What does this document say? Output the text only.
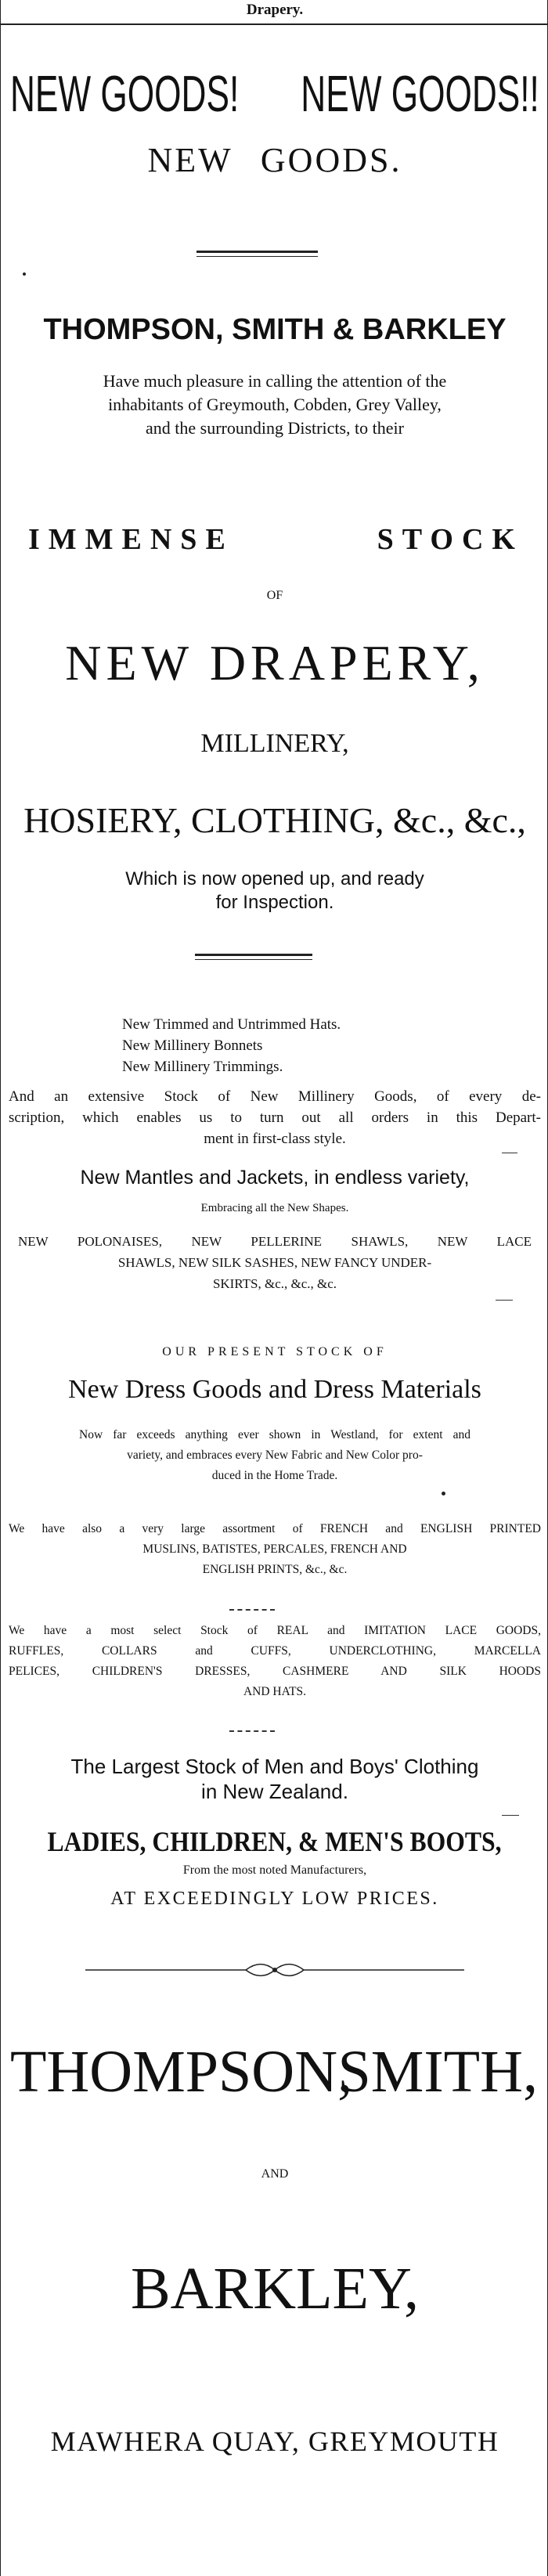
Drapery.
NEW GOODS! NEW GOODS!!
NEW GOODS.
THOMPSON, SMITH & BARKLEY
Have much pleasure in calling the attention of the
inhabitants of Greymouth, Cobden, Grey Valley,
and the surrounding Districts, to their
IMMENSE	STOCK
OF
NEW DRAPERY,
MILLINERY,
HOSIERY, CLOTHING, &c., &c.,
Which is now opened up, and ready
for Inspection.
New Trimmed and Untrimmed Hats.
New Millinery Bonnets
New Millinery Trimmings.
And an extensive Stock of New Millinery Goods, of every de-
scription, which enables us to turn out all orders in this Depart-
ment in first-class style.
New Mantles and Jackets, in endless variety,
Embracing all the New Shapes.
NEW POLONAISES, NEW PELLERINE SHAWLS, NEW LACE
SHAWLS, NEW SILK SASHES, NEW FANCY UNDER-
SKIRTS, &c., &c., &c.
OUR PRESENT STOCK OF
New Dress Goods and Dress Materials
Now far exceeds anything ever shown in Westland, for extent and
variety, and embraces every New Fabric and New Color pro-
duced in the Home Trade.
We have also a very large assortment of FRENCH and ENGLISH PRINTED
MUSLINS, BATISTES, PERCALES, FRENCH AND
ENGLISH PRINTS, &c., &c.
We have a most select Stock of REAL and IMITATION LACE GOODS,
RUFFLES, COLLARS and CUFFS, UNDERCLOTHING, MARCELLA
PELICES, CHILDREN'S DRESSES, CASHMERE AND SILK HOODS
AND HATS.
The Largest Stock of Men and Boys' Clothing
in New Zealand.
LADIES, CHILDREN, & MEN'S BOOTS,
From the most noted Manufacturers,
AT EXCEEDINGLY LOW PRICES.
THOMPSON,
SMITH,
AND
BARKLEY,
MAWHERA QUAY, GREYMOUTH
